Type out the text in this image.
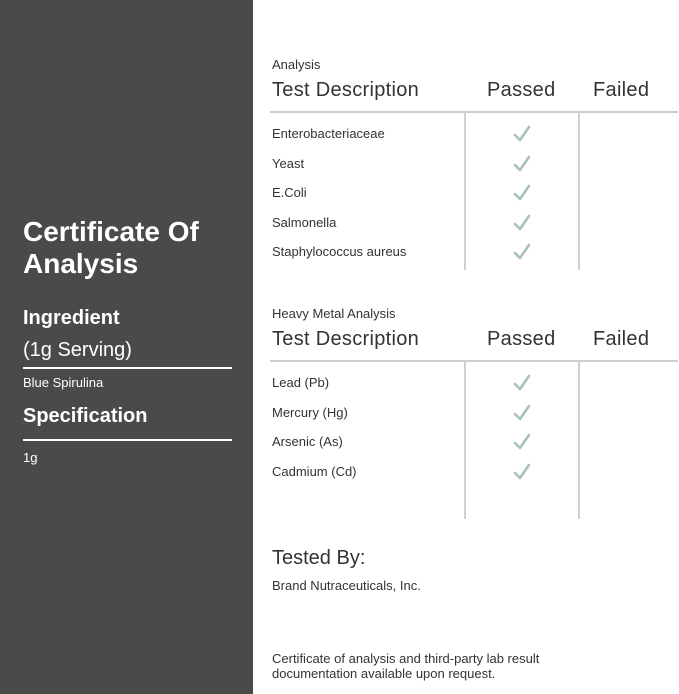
Certificate Of Analysis
Ingredient
(1g Serving)
Blue Spirulina
Specification
1g
Analysis
Test Description	Passed Failed
Enterobacteriaceae
Yeast
E.Coli
Salmonella
Staphylococcus aureus
Heavy Metal Analysis
Test Description	Passed Failed
Lead (Pb)
Mercury (Hg)
Arsenic (As)
Cadmium (Cd)
Tested By:
Brand Nutraceuticals, Inc.
Certificate of analysis and third-party lab result documentation available upon request.
